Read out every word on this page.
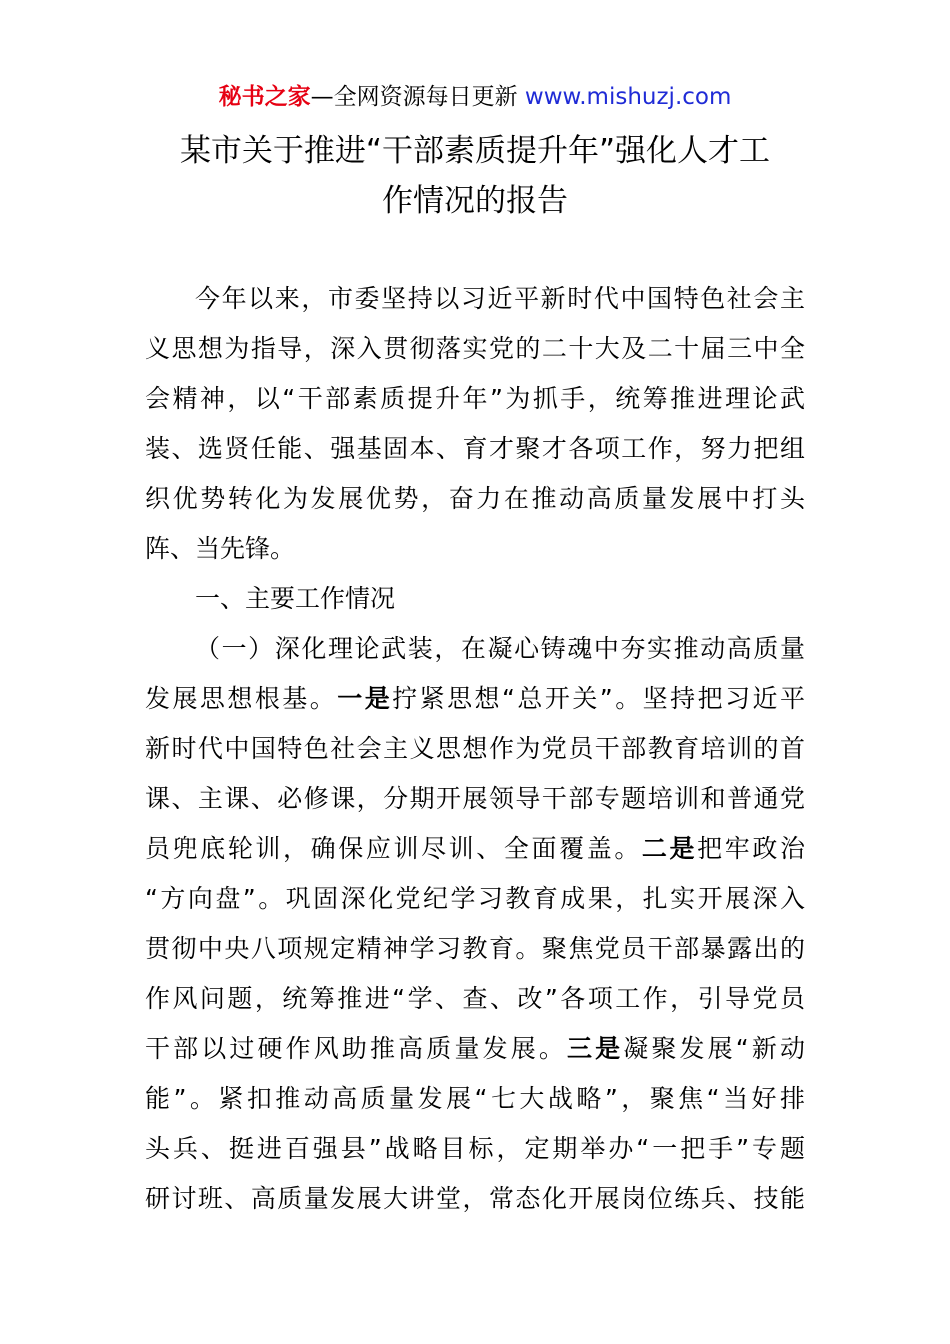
秘书之家—全网资源每日更新 www.mishuzj.com
某市关于推进“干部素质提升年”强化人才工
作情况的报告
今年以来，市委坚持以习近平新时代中国特色社会主
义思想为指导，深入贯彻落实党的二十大及二十届三中全
会精神，以“干部素质提升年”为抓手，统筹推进理论武
装、选贤任能、强基固本、育才聚才各项工作，努力把组
织优势转化为发展优势，奋力在推动高质量发展中打头
阵、当先锋。
一、主要工作情况
（一）深化理论武装，在凝心铸魂中夯实推动高质量
发展思想根基。一是拧紧思想“总开关”。坚持把习近平
新时代中国特色社会主义思想作为党员干部教育培训的首
课、主课、必修课，分期开展领导干部专题培训和普通党
员兜底轮训，确保应训尽训、全面覆盖。二是把牢政治
“方向盘”。巩固深化党纪学习教育成果，扎实开展深入
贯彻中央八项规定精神学习教育。聚焦党员干部暴露出的
作风问题，统筹推进“学、查、改”各项工作，引导党员
干部以过硬作风助推高质量发展。三是凝聚发展“新动
能”。紧扣推动高质量发展“七大战略”，聚焦“当好排
头兵、挺进百强县”战略目标，定期举办“一把手”专题
研讨班、高质量发展大讲堂，常态化开展岗位练兵、技能
